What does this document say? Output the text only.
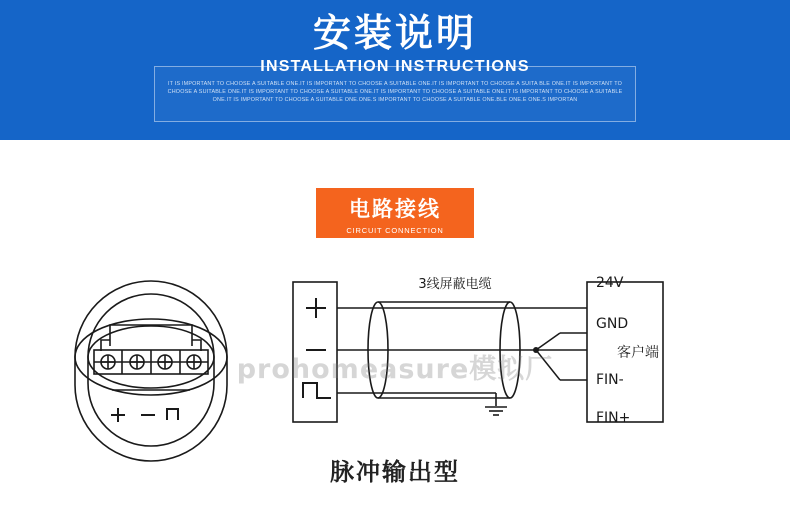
安装说明
INSTALLATION INSTRUCTIONS
IT IS IMPORTANT TO CHOOSE A SUITABLE ONE.IT IS IMPORTANT TO CHOOSE A SUITABLE ONE.IT IS IMPORTANT TO CHOOSE A SUITA BLE ONE.IT IS IMPORTANT TO CHOOSE A SUITABLE ONE.IT IS IMPORTANT TO CHOOSE A SUITABLE ONE.IT IS IMPORTANT TO CHOOSE A SUITABLE ONE.IT IS IMPORTANT TO CHOOSE A SUITABLE ONE.IT IS IMPORTANT TO CHOOSE A SUITABLE ONE.ONE.S IMPORTANT TO CHOOSE A SUITABLE ONE.BLE ONE.E ONE.S IMPORTAN
电路接线
CIRCUIT CONNECTION
3线屏蔽电缆
客户端
24V
GND
FIN-
FIN+
prohomeasure模拟厂
脉冲输出型
